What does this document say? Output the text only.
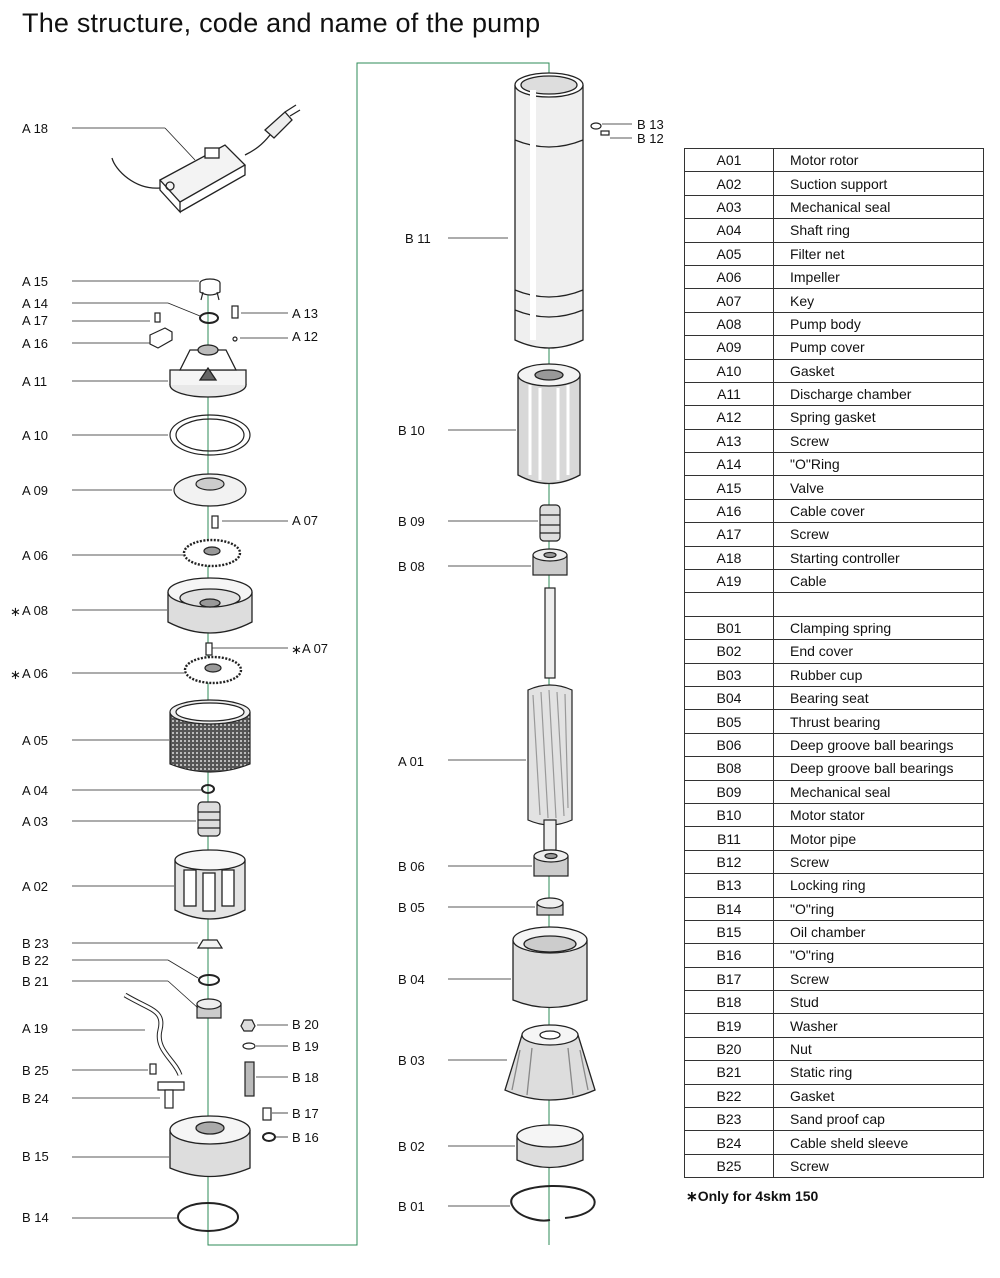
The structure, code and name of the pump
A 18
A 15
A 14
A 17
A 16
A 11
A 10
A 09
A 06
∗ A 08
∗ A 06
A 05
A 04
A 03
A 02
B 23
B 22
B 21
A 19
B 25
B 24
B 15
B 14
A 13
A 12
A 07
∗ A 07
B 20
B 19
B 18
B 17
B 16
B 11
B 10
B 09
B 08
A 01
B 06
B 05
B 04
B 03
B 02
B 01
B 13
B 12
A01	Motor rotor
A02	Suction support
A03	Mechanical seal
A04	Shaft ring
A05	Filter net
A06	Impeller
A07	Key
A08	Pump body
A09	Pump cover
A10	Gasket
A11	Discharge chamber
A12	Spring gasket
A13	Screw
A14	"O"Ring
A15	Valve
A16	Cable cover
A17	Screw
A18	Starting controller
A19	Cable

B01	Clamping spring
B02	End cover
B03	Rubber cup
B04	Bearing seat
B05	Thrust bearing
B06	Deep groove ball bearings
B08	Deep groove ball bearings
B09	Mechanical seal
B10	Motor stator
B11	Motor pipe
B12	Screw
B13	Locking ring
B14	"O"ring
B15	Oil chamber
B16	"O"ring
B17	Screw
B18	Stud
B19	Washer
B20	Nut
B21	Static ring
B22	Gasket
B23	Sand proof cap
B24	Cable sheld sleeve
B25	Screw
∗Only for 4skm 150
